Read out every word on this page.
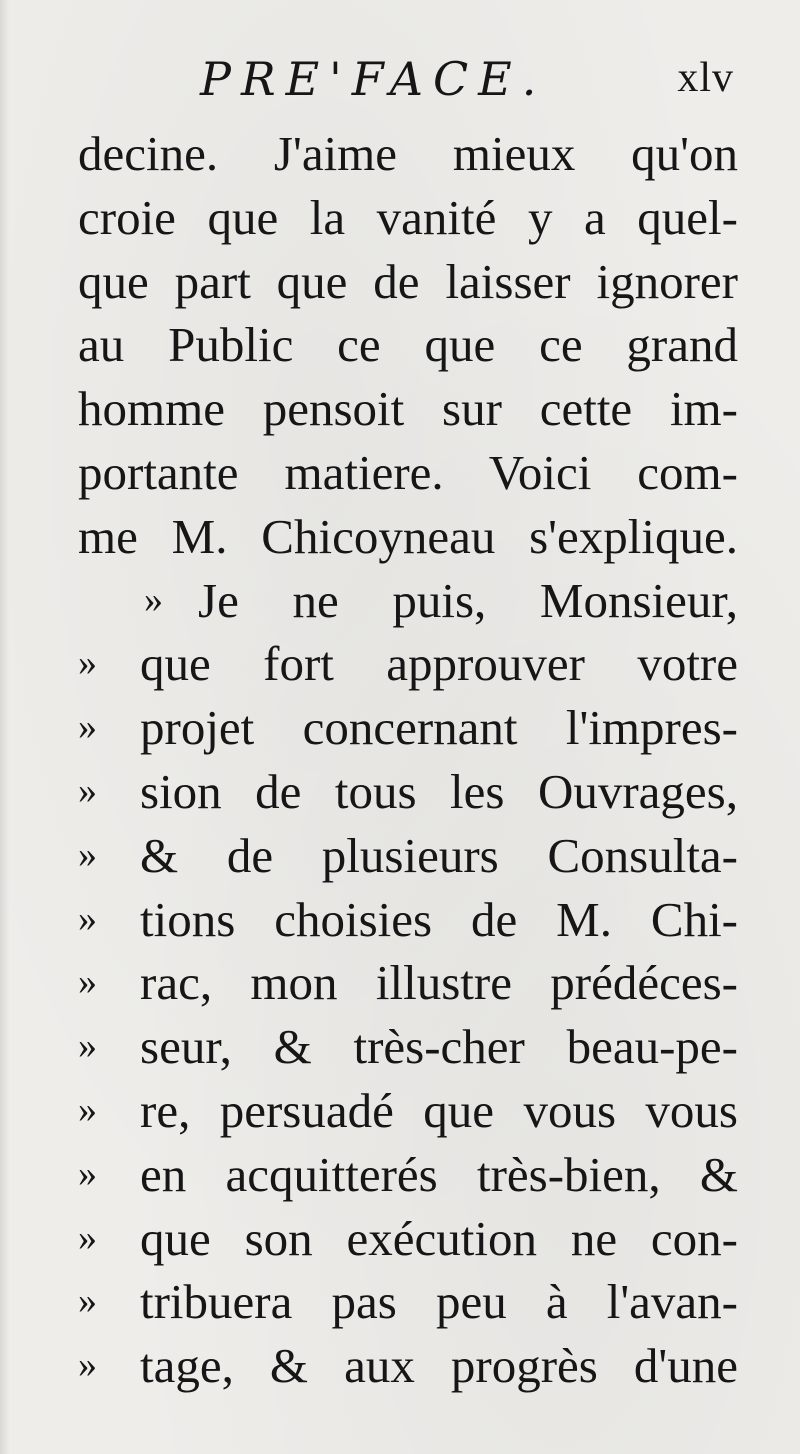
PRE'FACE.	xlv
decine. J'aime mieux qu'on
croie que la vanité y a quel-
que part que de laisser ignorer
au Public ce que ce grand
homme pensoit sur cette im-
portante matiere. Voici com-
me M. Chicoyneau s'explique.
» Je ne puis, Monsieur,
» que fort approuver votre
» projet concernant l'impres-
» sion de tous les Ouvrages,
» & de plusieurs Consulta-
» tions choisies de M. Chi-
» rac, mon illustre prédéces-
» seur, & très-cher beau-pe-
» re, persuadé que vous vous
» en acquitterés très-bien, &
» que son exécution ne con-
» tribuera pas peu à l'avan-
» tage, & aux progrès d'une
